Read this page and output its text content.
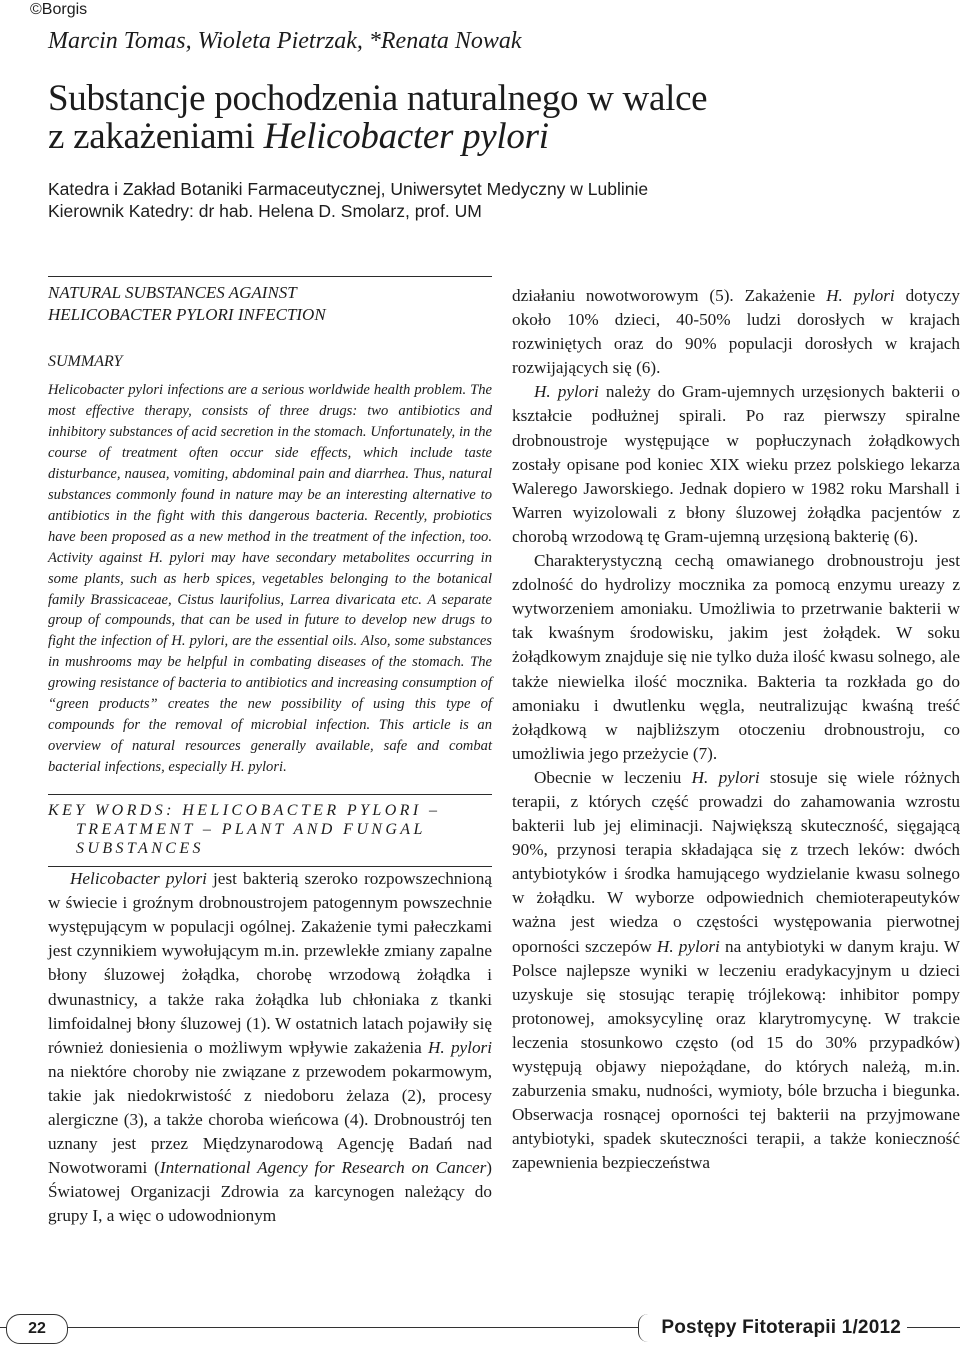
©Borgis
Marcin Tomas, Wioleta Pietrzak, *Renata Nowak
Substancje pochodzenia naturalnego w walce
z zakażeniami Helicobacter pylori
Katedra i Zakład Botaniki Farmaceutycznej, Uniwersytet Medyczny w Lublinie
Kierownik Katedry: dr hab. Helena D. Smolarz, prof. UM
NATURAL SUBSTANCES AGAINST
HELICOBACTER PYLORI INFECTION
SUMMARY
Helicobacter pylori infections are a serious worldwide health problem. The most effective therapy, consists of three drugs: two antibiotics and inhibitory substances of acid secretion in the stomach. Unfortunately, in the course of treatment often occur side effects, which include taste disturbance, nausea, vomiting, abdominal pain and diarrhea. Thus, natural substances commonly found in nature may be an interesting alternative to antibiotics in the fight with this dangerous bacteria. Recently, probiotics have been proposed as a new method in the treatment of the infection, too. Activity against H. pylori may have secondary metabolites occurring in some plants, such as herb spices, vegetables belonging to the botanical family Brassicaceae, Cistus laurifolius, Larrea divaricata etc. A separate group of compounds, that can be used in future to develop new drugs to fight the infection of H. pylori, are the essential oils. Also, some substances in mushrooms may be helpful in combating diseases of the stomach. The growing resistance of bacteria to antibiotics and increasing consumption of “green products” creates the new possibility of using this type of compounds for the removal of microbial infection. This article is an overview of natural resources generally available, safe and combat bacterial infections, especially H. pylori.
KEY WORDS: HELICOBACTER PYLORI – TREATMENT – PLANT AND FUNGAL SUBSTANCES

Helicobacter pylori jest bakterią szeroko rozpowszechnioną w świecie i groźnym drobnoustrojem patogennym powszechnie występującym w populacji ogólnej. Zakażenie tymi pałeczkami jest czynnikiem wywołującym m.in. przewlekłe zmiany zapalne błony śluzowej żołądka, chorobę wrzodową żołądka i dwunastnicy, a także raka żołądka lub chłoniaka z tkanki limfoidalnej błony śluzowej (1). W ostatnich latach pojawiły się również doniesienia o możliwym wpływie zakażenia H. pylori na niektóre choroby nie związane z przewodem pokarmowym, takie jak niedokrwistość z niedoboru żelaza (2), procesy alergiczne (3), a także choroba wieńcowa (4). Drobnoustrój ten uznany jest przez Międzynarodową Agencję Badań nad Nowotworami (International Agency for Research on Cancer) Światowej Organizacji Zdrowia za karcynogen należący do grupy I, a więc o udowodnionym

działaniu nowotworowym (5). Zakażenie H. pylori dotyczy około 10% dzieci, 40-50% ludzi dorosłych w krajach rozwiniętych oraz do 90% populacji dorosłych w krajach rozwijających się (6).

H. pylori należy do Gram-ujemnych urzęsionych bakterii o kształcie podłużnej spirali. Po raz pierwszy spiralne drobnoustroje występujące w popłuczynach żołądkowych zostały opisane pod koniec XIX wieku przez polskiego lekarza Walerego Jaworskiego. Jednak dopiero w 1982 roku Marshall i Warren wyizolowali z błony śluzowej żołądka pacjentów z chorobą wrzodową tę Gram-ujemną urzęsioną bakterię (6).

Charakterystyczną cechą omawianego drobnoustroju jest zdolność do hydrolizy mocznika za pomocą enzymu ureazy z wytworzeniem amoniaku. Umożliwia to przetrwanie bakterii w tak kwaśnym środowisku, jakim jest żołądek. W soku żołądkowym znajduje się nie tylko duża ilość kwasu solnego, ale także niewielka ilość mocznika. Bakteria ta rozkłada go do amoniaku i dwutlenku węgla, neutralizując kwaśną treść żołądkową w najbliższym otoczeniu drobnoustroju, co umożliwia jego przeżycie (7).

Obecnie w leczeniu H. pylori stosuje się wiele różnych terapii, z których część prowadzi do zahamowania wzrostu bakterii lub jej eliminacji. Największą skuteczność, sięgającą 90%, przynosi terapia składająca się z trzech leków: dwóch antybiotyków i środka hamującego wydzielanie kwasu solnego w żołądku. W wyborze odpowiednich chemioterapeutyków ważna jest wiedza o częstości występowania pierwotnej oporności szczepów H. pylori na antybiotyki w danym kraju. W Polsce najlepsze wyniki w leczeniu eradykacyjnym u dzieci uzyskuje się stosując terapię trójlekową: inhibitor pompy protonowej, amoksycylinę oraz klarytromycynę. W trakcie leczenia stosunkowo często (od 15 do 30% przypadków) występują objawy niepożądane, do których należą, m.in. zaburzenia smaku, nudności, wymioty, bóle brzucha i biegunka. Obserwacja rosnącej oporności tej bakterii na przyjmowane antybiotyki, spadek skuteczności terapii, a także konieczność zapewnienia bezpieczeństwa

22	Postępy Fitoterapii 1/2012
